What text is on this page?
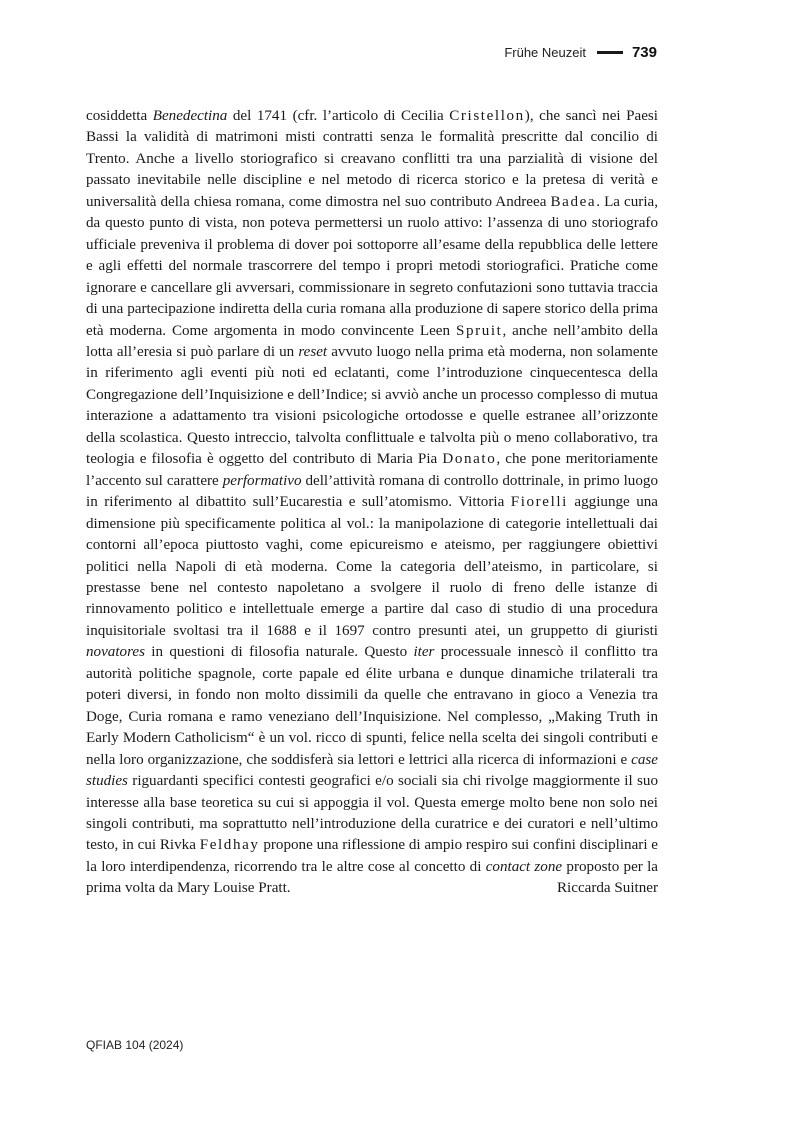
Frühe Neuzeit	739

cosiddetta Benedectina del 1741 (cfr. l’articolo di Cecilia Cristellon), che sancì nei Paesi Bassi la validità di matrimoni misti contratti senza le formalità prescritte dal concilio di Trento. Anche a livello storiografico si creavano conflitti tra una parzialità di visione del passato inevitabile nelle discipline e nel metodo di ricerca storico e la pretesa di verità e universalità della chiesa romana, come dimostra nel suo contributo Andreea Badea. La curia, da questo punto di vista, non poteva permettersi un ruolo attivo: l’assenza di uno storiografo ufficiale preveniva il problema di dover poi sottoporre all’esame della repubblica delle lettere e agli effetti del normale trascorrere del tempo i propri metodi storiografici. Pratiche come ignorare e cancellare gli avversari, commissionare in segreto confutazioni sono tuttavia traccia di una partecipazione indiretta della curia romana alla produzione di sapere storico della prima età moderna. Come argomenta in modo convincente Leen Spruit, anche nell’ambito della lotta all’eresia si può parlare di un reset avvuto luogo nella prima età moderna, non solamente in riferimento agli eventi più noti ed eclatanti, come l’introduzione cinquecentesca della Congregazione dell’Inquisizione e dell’Indice; si avviò anche un processo complesso di mutua interazione a adattamento tra visioni psicologiche ortodosse e quelle estranee all’orizzonte della scolastica. Questo intreccio, talvolta conflittuale e talvolta più o meno collaborativo, tra teologia e filosofia è oggetto del contributo di Maria Pia Donato, che pone meritoriamente l’accento sul carattere performativo dell’attività romana di controllo dottrinale, in primo luogo in riferimento al dibattito sull’Eucarestia e sull’atomismo. Vittoria Fiorelli aggiunge una dimensione più specificamente politica al vol.: la manipolazione di categorie intellettuali dai contorni all’epoca piuttosto vaghi, come epicureismo e ateismo, per raggiungere obiettivi politici nella Napoli di età moderna. Come la categoria dell’ateismo, in particolare, si prestasse bene nel contesto napoletano a svolgere il ruolo di freno delle istanze di rinnovamento politico e intellettuale emerge a partire dal caso di studio di una procedura inquisitoriale svoltasi tra il 1688 e il 1697 contro presunti atei, un gruppetto di giuristi novatores in questioni di filosofia naturale. Questo iter processuale innescò il conflitto tra autorità politiche spagnole, corte papale ed élite urbana e dunque dinamiche trilaterali tra poteri diversi, in fondo non molto dissimili da quelle che entravano in gioco a Venezia tra Doge, Curia romana e ramo veneziano dell’Inquisizione. Nel complesso, „Making Truth in Early Modern Catholicism“ è un vol. ricco di spunti, felice nella scelta dei singoli contributi e nella loro organizzazione, che soddisferà sia lettori e lettrici alla ricerca di informazioni e case studies riguardanti specifici contesti geografici e/o sociali sia chi rivolge maggiormente il suo interesse alla base teoretica su cui si appoggia il vol. Questa emerge molto bene non solo nei singoli contributi, ma soprattutto nell’introduzione della curatrice e dei curatori e nell’ultimo testo, in cui Rivka Feldhay propone una riflessione di ampio respiro sui confini disciplinari e la loro interdipendenza, ricorrendo tra le altre cose al concetto di contact zone proposto per la prima volta da Mary Louise Pratt.	Riccarda Suitner

QFIAB 104 (2024)
